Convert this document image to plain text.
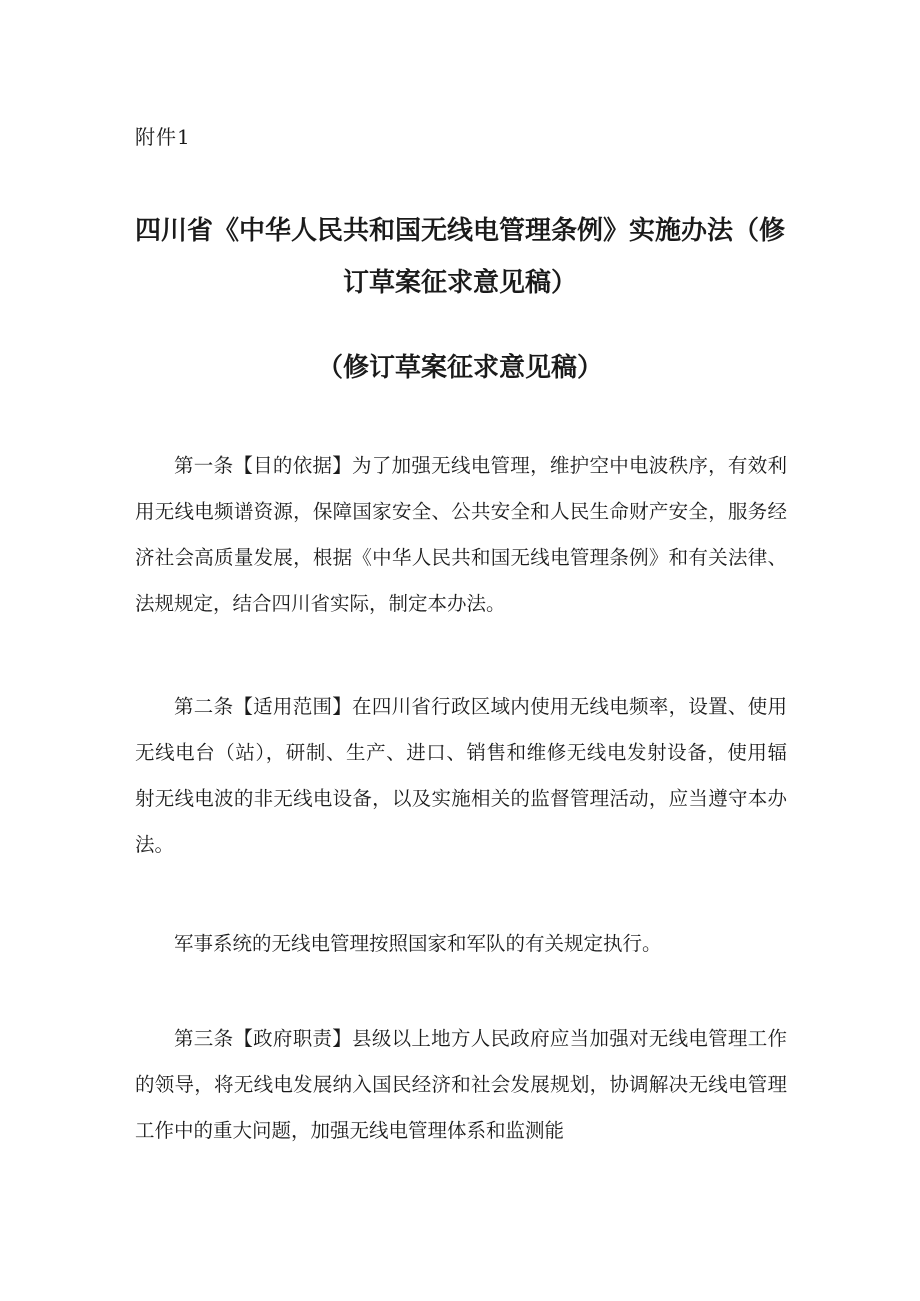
附件1
四川省《中华人民共和国无线电管理条例》实施办法（修订草案征求意见稿）
（修订草案征求意见稿）

第一条【目的依据】为了加强无线电管理，维护空中电波秩序，有效利用无线电频谱资源，保障国家安全、公共安全和人民生命财产安全，服务经济社会高质量发展，根据《中华人民共和国无线电管理条例》和有关法律、法规规定，结合四川省实际，制定本办法。

第二条【适用范围】在四川省行政区域内使用无线电频率，设置、使用无线电台（站），研制、生产、进口、销售和维修无线电发射设备，使用辐射无线电波的非无线电设备，以及实施相关的监督管理活动，应当遵守本办法。

军事系统的无线电管理按照国家和军队的有关规定执行。

第三条【政府职责】县级以上地方人民政府应当加强对无线电管理工作的领导，将无线电发展纳入国民经济和社会发展规划，协调解决无线电管理工作中的重大问题，加强无线电管理体系和监测能
